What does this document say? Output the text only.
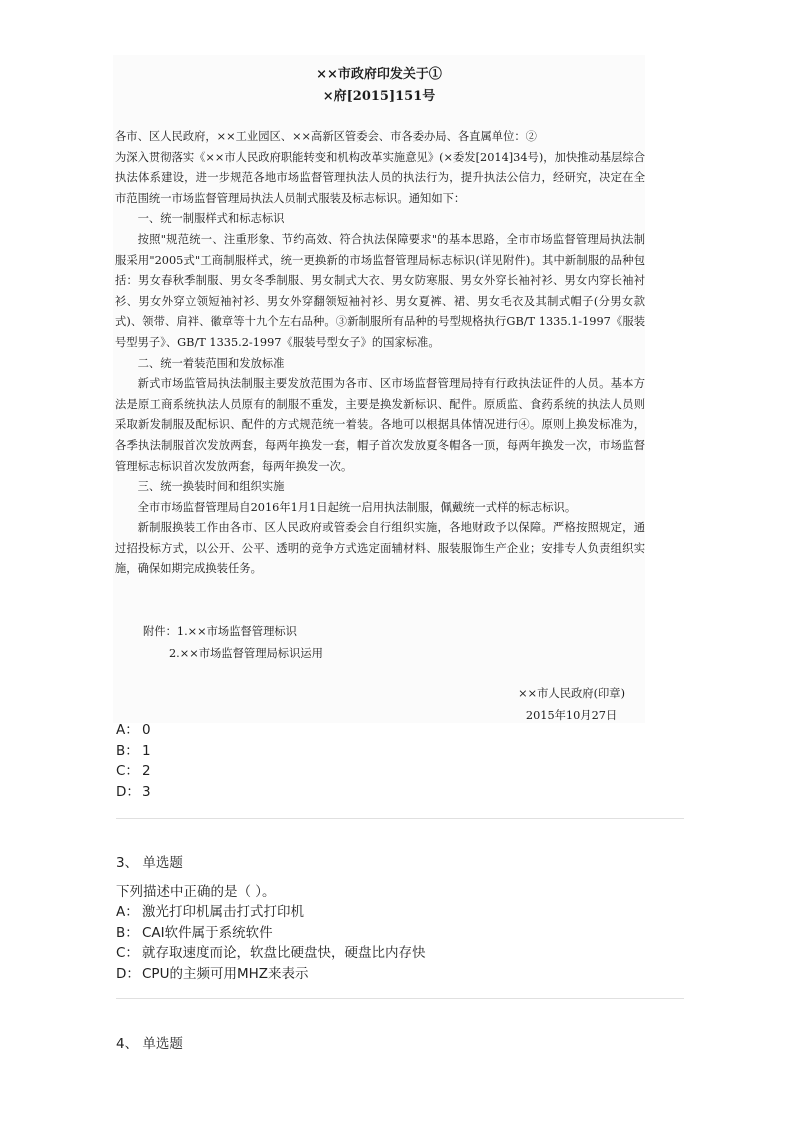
××市政府印发关于①
×府[2015]151号

各市、区人民政府，××工业园区、××高新区管委会、市各委办局、各直属单位：②

为深入贯彻落实《××市人民政府职能转变和机构改革实施意见》(×委发[2014]34号)，加快推动基层综合执法体系建设，进一步规范各地市场监督管理执法人员的执法行为，提升执法公信力，经研究，决定在全市范围统一市场监督管理局执法人员制式服装及标志标识。通知如下：

一、统一制服样式和标志标识

按照"规范统一、注重形象、节约高效、符合执法保障要求"的基本思路，全市市场监督管理局执法制服采用"2005式"工商制服样式，统一更换新的市场监督管理局标志标识(详见附件)。其中新制服的品种包括：男女春秋季制服、男女冬季制服、男女制式大衣、男女防寒服、男女外穿长袖衬衫、男女内穿长袖衬衫、男女外穿立领短袖衬衫、男女外穿翻领短袖衬衫、男女夏裤、裙、男女毛衣及其制式帽子(分男女款式)、领带、肩袢、徽章等十九个左右品种。③新制服所有品种的号型规格执行GB/T 1335.1-1997《服装号型男子》、GB/T 1335.2-1997《服装号型女子》的国家标准。

二、统一着装范围和发放标准

新式市场监管局执法制服主要发放范围为各市、区市场监督管理局持有行政执法证件的人员。基本方法是原工商系统执法人员原有的制服不重发，主要是换发新标识、配件。原质监、食药系统的执法人员则采取新发制服及配标识、配件的方式规范统一着装。各地可以根据具体情况进行④。原则上换发标准为，各季执法制服首次发放两套，每两年换发一套，帽子首次发放夏冬帽各一顶，每两年换发一次，市场监督管理标志标识首次发放两套，每两年换发一次。

三、统一换装时间和组织实施

全市市场监督管理局自2016年1月1日起统一启用执法制服，佩戴统一式样的标志标识。

新制服换装工作由各市、区人民政府或管委会自行组织实施，各地财政予以保障。严格按照规定，通过招投标方式，以公开、公平、透明的竞争方式选定面辅材料、服装服饰生产企业；安排专人负责组织实施，确保如期完成换装任务。

附件：1.××市场监督管理标识
2.××市场监督管理局标识运用
××市人民政府(印章)
2015年10月27日
A： 0
B： 1
C： 2
D： 3
3、 单选题
下列描述中正确的是（ ）。
A： 激光打印机属击打式打印机
B： CAI软件属于系统软件
C： 就存取速度而论，软盘比硬盘快，硬盘比内存快
D： CPU的主频可用MHZ来表示
4、 单选题
